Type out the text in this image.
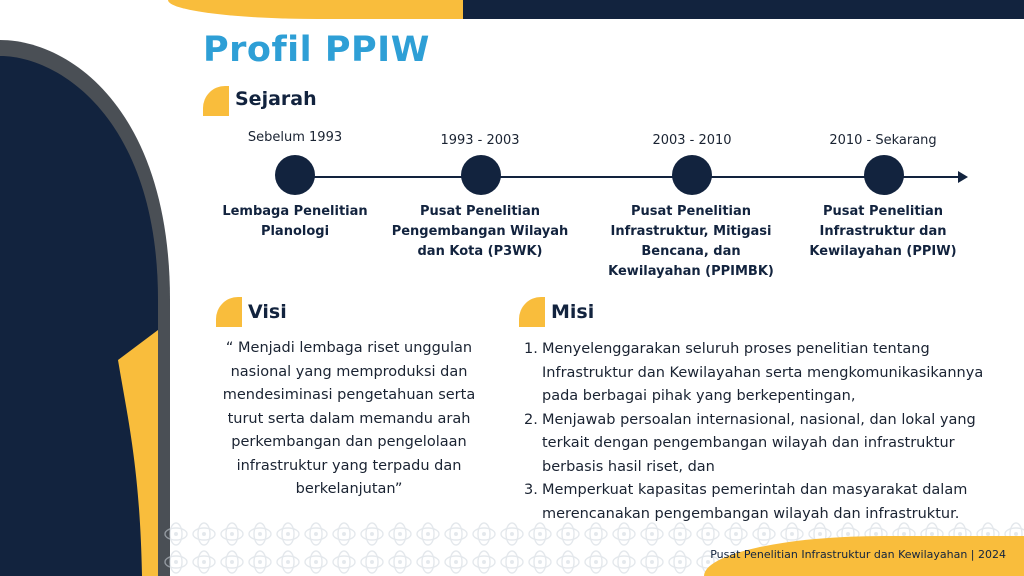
Profil PPIW
Sejarah
Sebelum 1993	1993 - 2003	2003 - 2010	2010 - Sekarang
Lembaga Penelitian Planologi
Pusat Penelitian Pengembangan Wilayah dan Kota (P3WK)
Pusat Penelitian Infrastruktur, Mitigasi Bencana, dan Kewilayahan (PPIMBK)
Pusat Penelitian Infrastruktur dan Kewilayahan (PPIW)
Visi
“ Menjadi lembaga riset unggulan nasional yang memproduksi dan mendesiminasi pengetahuan serta turut serta dalam memandu arah perkembangan dan pengelolaan infrastruktur yang terpadu dan berkelanjutan”
Misi
1. Menyelenggarakan seluruh proses penelitian tentang Infrastruktur dan Kewilayahan serta mengkomunikasikannya pada berbagai pihak yang berkepentingan,
2. Menjawab persoalan internasional, nasional, dan lokal yang terkait dengan pengembangan wilayah dan infrastruktur berbasis hasil riset, dan
3. Memperkuat kapasitas pemerintah dan masyarakat dalam merencanakan pengembangan wilayah dan infrastruktur.
Pusat Penelitian Infrastruktur dan Kewilayahan | 2024
